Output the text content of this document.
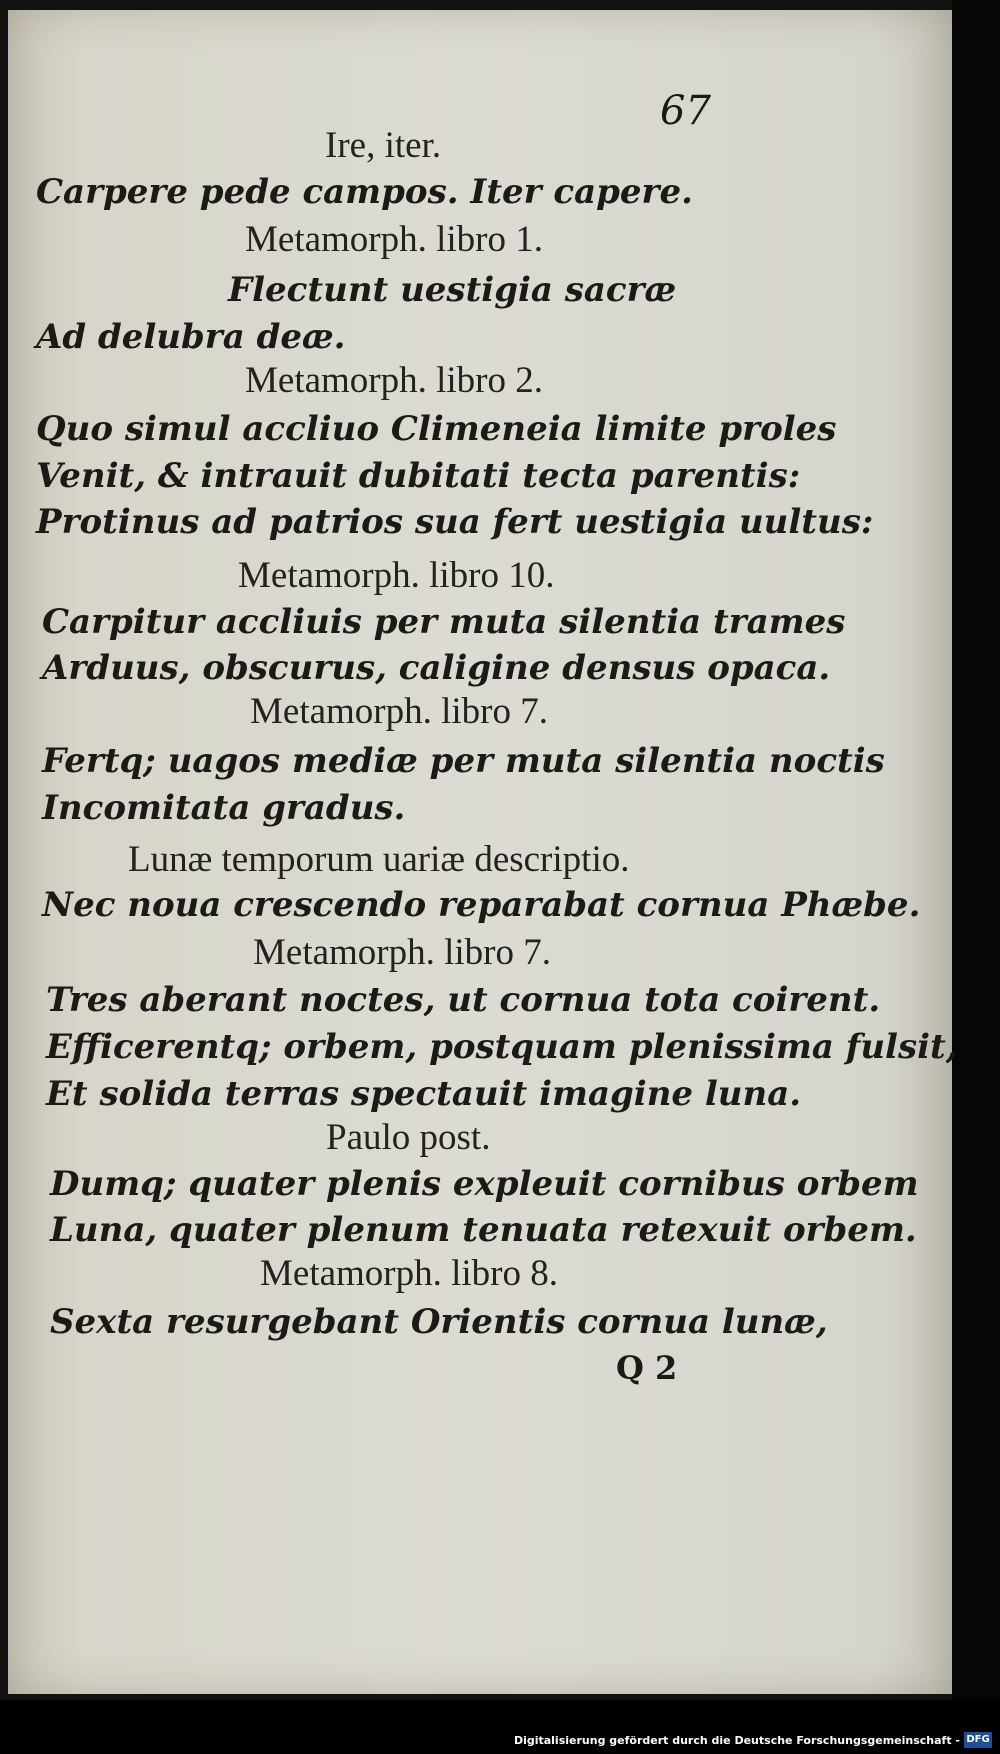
67
Ire, iter.
Carpere pede campos. Iter capere.
Metamorph. libro 1.
Flectunt uestigia sacræ
Ad delubra deæ.
Metamorph. libro 2.
Quo simul accliuo Climeneia limite proles
Venit, & intrauit dubitati tecta parentis:
Protinus ad patrios sua fert uestigia uultus:
Metamorph. libro 10.
Carpitur accliuis per muta silentia trames
Arduus, obscurus, caligine densus opaca.
Metamorph. libro 7.
Fertq; uagos mediæ per muta silentia noctis
Incomitata gradus.
Lunæ temporum uariæ descriptio.
Nec noua crescendo reparabat cornua Phæbe.
Metamorph. libro 7.
Tres aberant noctes, ut cornua tota coirent.
Efficerentq; orbem, postquam plenissima fulsit,
Et solida terras spectauit imagine luna.
Paulo post.
Dumq; quater plenis expleuit cornibus orbem
Luna, quater plenum tenuata retexuit orbem.
Metamorph. libro 8.
Sexta resurgebant Orientis cornua lunæ,
Q 2
Digitalisierung gefördert durch die Deutsche Forschungsgemeinschaft - DFG
